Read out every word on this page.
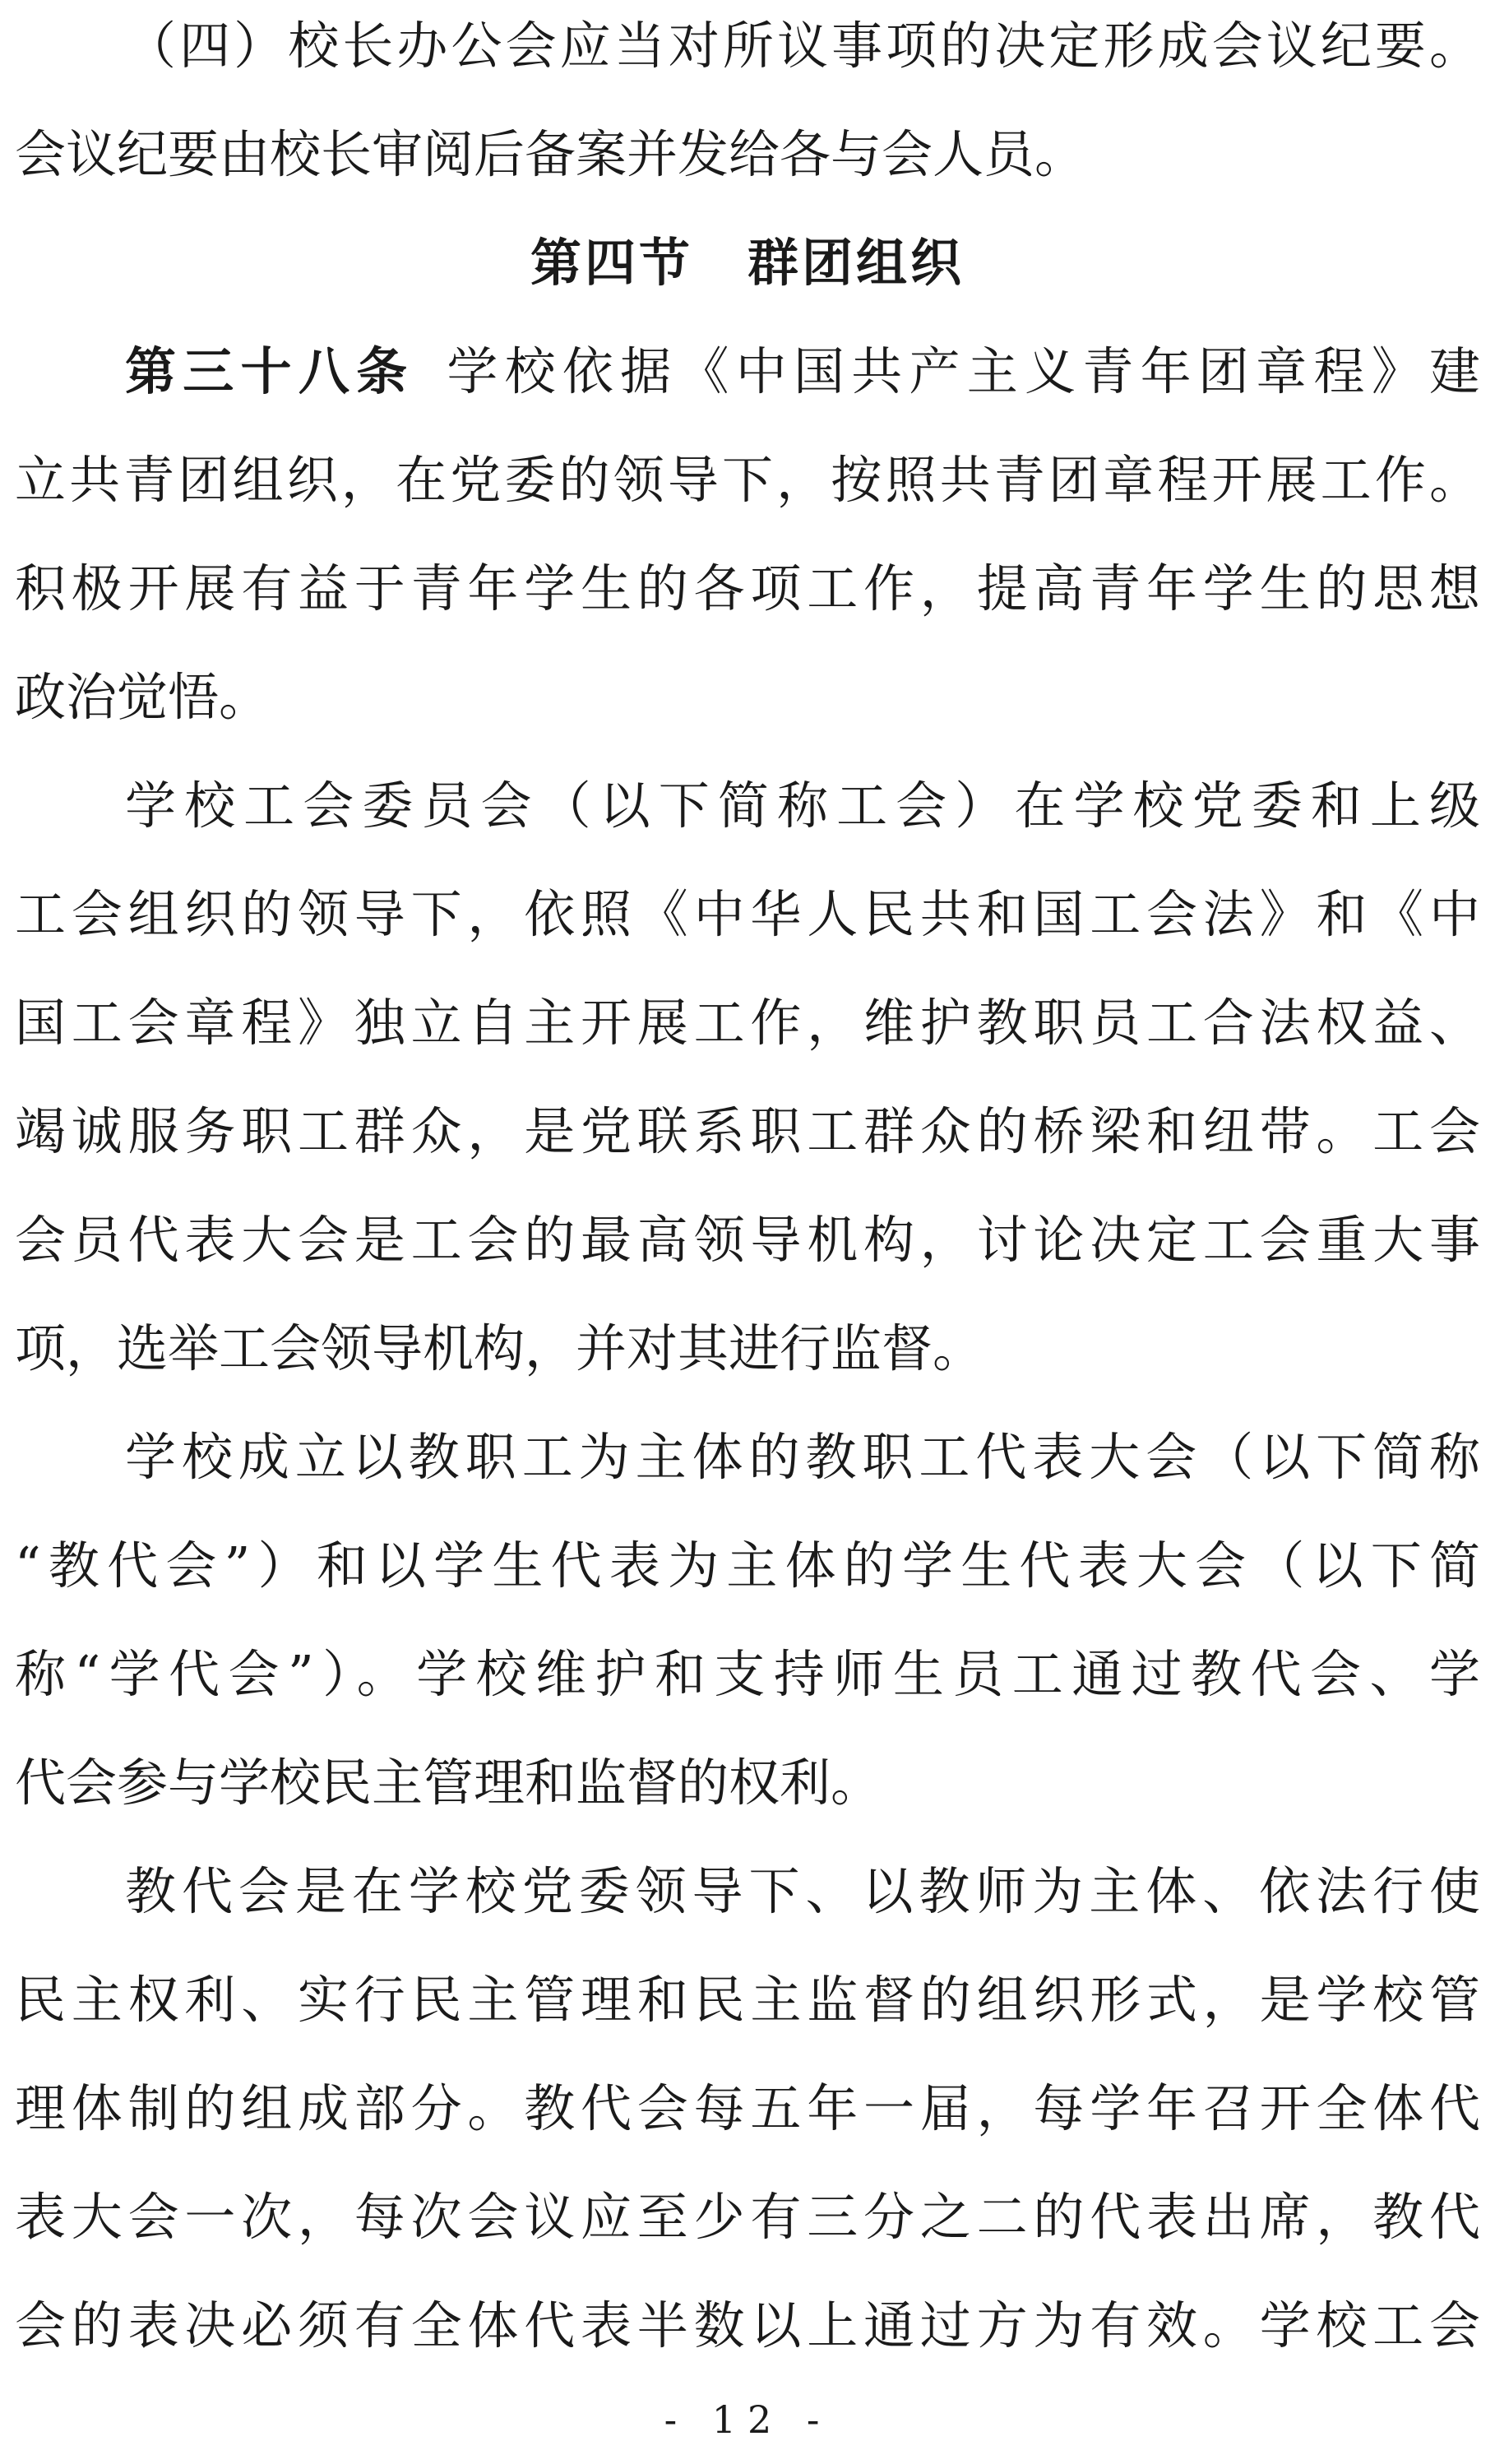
（四）校长办公会应当对所议事项的决定形成会议纪要。
会议纪要由校长审阅后备案并发给各与会人员。
第四节　群团组织
第三十八条 学校依据《中国共产主义青年团章程》建
立共青团组织，在党委的领导下，按照共青团章程开展工作。
积极开展有益于青年学生的各项工作，提高青年学生的思想
政治觉悟。
学校工会委员会（以下简称工会）在学校党委和上级
工会组织的领导下，依照《中华人民共和国工会法》和《中
国工会章程》独立自主开展工作，维护教职员工合法权益、
竭诚服务职工群众，是党联系职工群众的桥梁和纽带。工会
会员代表大会是工会的最高领导机构，讨论决定工会重大事
项，选举工会领导机构，并对其进行监督。
学校成立以教职工为主体的教职工代表大会（以下简称
“教代会”）和以学生代表为主体的学生代表大会（以下简
称“学代会”）。学校维护和支持师生员工通过教代会、学
代会参与学校民主管理和监督的权利。
教代会是在学校党委领导下、以教师为主体、依法行使
民主权利、实行民主管理和民主监督的组织形式，是学校管
理体制的组成部分。教代会每五年一届，每学年召开全体代
表大会一次，每次会议应至少有三分之二的代表出席，教代
会的表决必须有全体代表半数以上通过方为有效。学校工会
- 12 -
